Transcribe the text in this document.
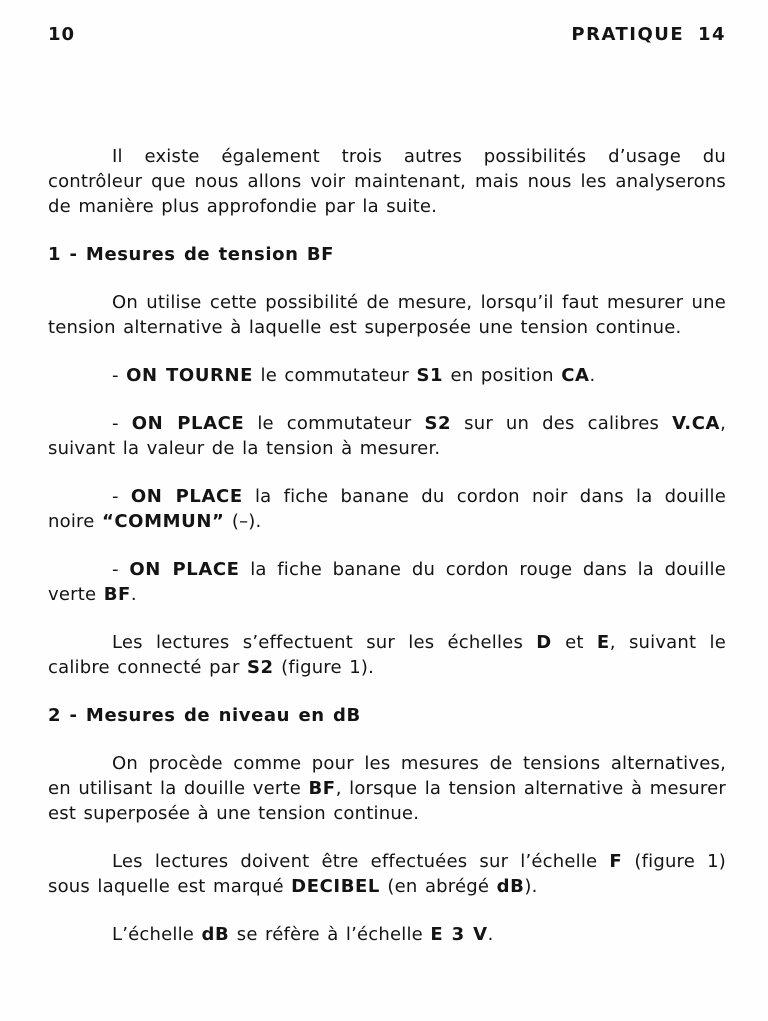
10	PRATIQUE 14
Il existe également trois autres possibilités d’usage du contrôleur que nous allons voir maintenant, mais nous les analyserons de manière plus approfondie par la suite.
1 - Mesures de tension BF
On utilise cette possibilité de mesure, lorsqu’il faut mesurer une tension alternative à laquelle est superposée une tension continue.
- ON TOURNE le commutateur S1 en position CA.
- ON PLACE le commutateur S2 sur un des calibres V.CA, suivant la valeur de la tension à mesurer.
- ON PLACE la fiche banane du cordon noir dans la douille noire “COMMUN” (–).
- ON PLACE la fiche banane du cordon rouge dans la douille verte BF.
Les lectures s’effectuent sur les échelles D et E, suivant le calibre connecté par S2 (figure 1).
2 - Mesures de niveau en dB
On procède comme pour les mesures de tensions alternatives, en utilisant la douille verte BF, lorsque la tension alternative à mesurer est superposée à une tension continue.
Les lectures doivent être effectuées sur l’échelle F (figure 1) sous laquelle est marqué DECIBEL (en abrégé dB).
L’échelle dB se réfère à l’échelle E 3 V.
